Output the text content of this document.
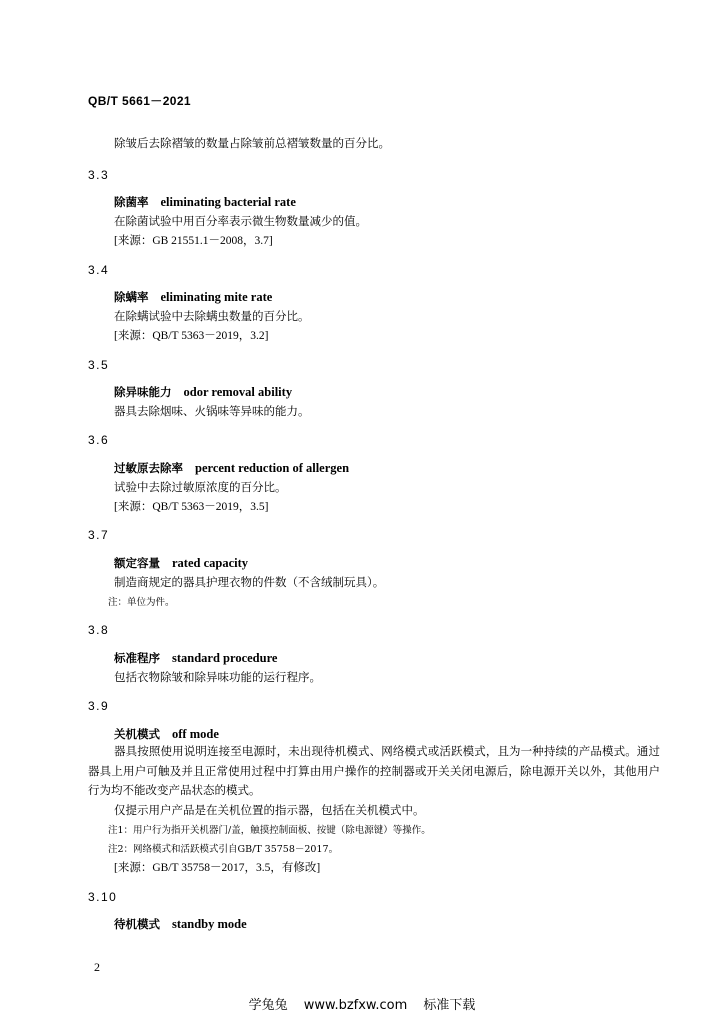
QB/T 5661－2021
除皱后去除褶皱的数量占除皱前总褶皱数量的百分比。
3.3
除菌率 eliminating bacterial rate
在除菌试验中用百分率表示微生物数量减少的值。
[来源：GB 21551.1－2008，3.7]
3.4
除螨率 eliminating mite rate
在除螨试验中去除螨虫数量的百分比。
[来源：QB/T 5363－2019，3.2]
3.5
除异味能力 odor removal ability
器具去除烟味、火锅味等异味的能力。
3.6
过敏原去除率 percent reduction of allergen
试验中去除过敏原浓度的百分比。
[来源：QB/T 5363－2019，3.5]
3.7
额定容量 rated capacity
制造商规定的器具护理衣物的件数（不含绒制玩具）。
注：单位为件。
3.8
标准程序 standard procedure
包括衣物除皱和除异味功能的运行程序。
3.9
关机模式 off mode
器具按照使用说明连接至电源时，未出现待机模式、网络模式或活跃模式，且为一种持续的产品模式。通过器具上用户可触及并且正常使用过程中打算由用户操作的控制器或开关关闭电源后，除电源开关以外，其他用户行为均不能改变产品状态的模式。
仅提示用户产品是在关机位置的指示器，包括在关机模式中。
注1：用户行为指开关机器门/盖，触摸控制面板、按键（除电源键）等操作。
注2：网络模式和活跃模式引自GB/T 35758－2017。
[来源：GB/T 35758－2017，3.5，有修改]
3.10
待机模式 standby mode
2
学兔兔 www.bzfxw.com 标准下载
